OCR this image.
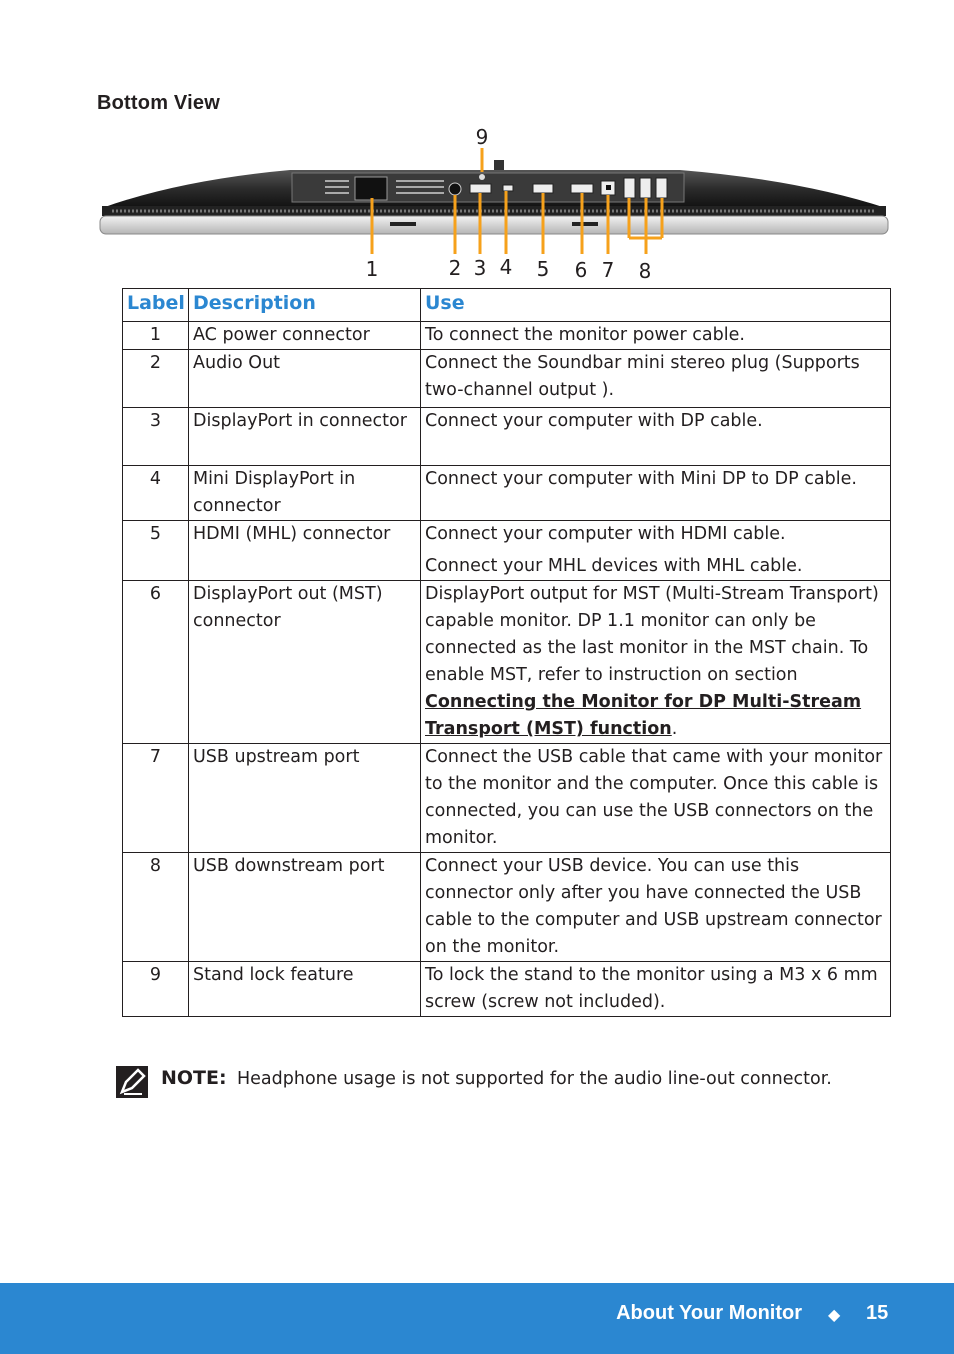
Bottom View
9
1	2 3 4 5 6 7 8
Label	Description	Use
1	AC power connector	To connect the monitor power cable.
2	Audio Out	Connect the Soundbar mini stereo plug (Supports two-channel output ).
3	DisplayPort in connector	Connect your computer with DP cable.
4	Mini DisplayPort in connector	Connect your computer with Mini DP to DP cable.
5	HDMI (MHL) connector	Connect your computer with HDMI cable.
Connect your MHL devices with MHL cable.

6	DisplayPort out (MST) connector	DisplayPort output for MST (Multi-Stream Transport) capable monitor. DP 1.1 monitor can only be connected as the last monitor in the MST chain. To enable MST, refer to instruction on section Connecting the Monitor for DP Multi-Stream Transport (MST) function.
7	USB upstream port	Connect the USB cable that came with your monitor to the monitor and the computer. Once this cable is connected, you can use the USB connectors on the monitor.
8	USB downstream port	Connect your USB device. You can use this connector only after you have connected the USB cable to the computer and USB upstream connector on the monitor.
9	Stand lock feature	To lock the stand to the monitor using a M3 x 6 mm screw (screw not included).
NOTE: Headphone usage is not supported for the audio line-out connector.
About Your Monitor ◆ 15
